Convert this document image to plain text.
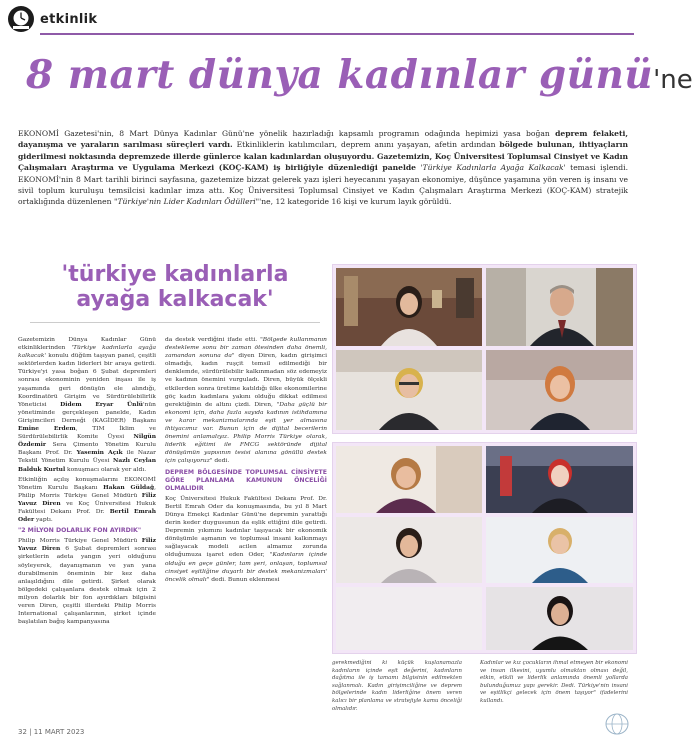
etkinlik
8 mart dünya kadınlar günü'ne
EKONOMİ Gazetesi'nin, 8 Mart Dünya Kadınlar Günü'ne yönelik hazırladığı kapsamlı programın odağında hepimizi yasa boğan deprem felaketi, dayanışma ve yaraların sarılması süreçleri vardı. Etkinliklerin katılımcıları, deprem anını yaşayan, afetin ardından bölgede bulunan, ihtiyaçların giderilmesi noktasında depremzede illerde günlerce kalan kadınlardan oluşuyordu. Gazetemizin, Koç Üniversitesi Toplumsal Cinsiyet ve Kadın Çalışmaları Araştırma ve Uygulama Merkezi (KOÇ-KAM) iş birliğiyle düzenlediği panelde 'Türkiye Kadınlarla Ayağa Kalkacak' temasi işlendi. EKONOMİ'nin 8 Mart tarihli birinci sayfasına, gazetemize bizzat gelerek yazı işleri heyecanını yaşayan ekonomiye, düşünce yaşamına yön veren iş insanı ve sivil toplum kuruluşu temsilcisi kadınlar imza attı. Koç Üniversitesi Toplumsal Cinsiyet ve Kadın Çalışmaları Araştırma Merkezi (KOÇ-KAM) stratejik ortaklığında düzenlenen "Türkiye'nin Lider Kadınları Ödülleri"'ne, 12 kategoride 16 kişi ve kurum layık görüldü.
'türkiye kadınlarla
ayağa kalkacak'

Gazetemizin Dünya Kadınlar Günü etkinliklerinden 'Türkiye kadınlarla ayağa kalkacak' konulu düğüm taşıyan panel, çeşitli sektörlerden kadın liderleri bir araya getirdi. Türkiye'yi yasa boğan 6 Şubat depremleri sonrası ekonominin yeniden inşası ile iş yaşamında geri dönüşün ele alındığı, Koordinatörü Girişim ve Sürdürülebilirlik Yöneticisi Didem Eryar Ünlü'nün yönetiminde gerçekleşen panelde, Kadın Girişimcileri Derneği (KAGİDER) Başkanı Emine Erdem, TIM İklim ve Sürdürülebilirlik Komite Üyesi Nilgün Özdemir Sera Çimento Yönetim Kurulu Başkanı Prof. Dr. Yasemin Açık ile Nazar Tekstil Yönetim Kurulu Üyesi Nazlı Ceylan Balduk Kurtul konuşmacı olarak yer aldı.

Etkinliğin açılış konuşmalarını EKONOMİ Yönetim Kurulu Başkanı Hakan Güldağ, Philip Morris Türkiye Genel Müdürü Filiz Yavuz Diren ve Koç Üniversitesi Hukuk Fakültesi Dekanı Prof. Dr. Bertil Emrah Oder yaptı.

"2 MİLYON DOLARLIK FON AYIRDIK"

Philip Morris Türkiye Genel Müdürü Filiz Yavuz Diren 6 Şubat depremleri sonrası şirketlerin adeta yangın yeri olduğunu söyleyerek, dayanışmanın ve yan yana durabilmenin öneminin bir kez daha anlaşıldığını dile getirdi. Şirket olarak bölgedeki çalışanlara destek olmak için 2 milyon dolarlık bir fon ayırdıkları bilgisini veren Diren, çeşitli illerdeki Philip Morris International çalışanlarının, şirket içinde başlatılan bağış kampanyasına

da destek verdiğini ifade etti. "Bölgede kullanmanın destekleme sonu bir zaman ötesinden daha önemli, zamandan sonuna da" diyen Diren, kadın girişimci olmadığı, kadın ruşçit temsil edilmediği bir denklemde, sürdürülebilir kalkınmadan söz edemeyiz ve kadının önemini vurguladı. Diren, büyük ölçekli etkilerden sonra üretime katıldığı ülke ekonomilerine göç kadın kadınlara yakını olduğu dikkat edilmesi gerektiğinin de altını çizdi. Diren, "Daha güçlü bir ekonomi için, daha fazla sayıda kadının istihdamına ve karar mekanizmalarında eşit yer almasına ihtiyacımız var. Bunun için de dijital becerilerin önemini anlamalıyız. Philip Morris Türkiye olarak, liderlik eğitimi ile FMCG sektöründe dijital dönüşümün yapısının tesisi alanına gönüllü destek için çalışıyoruz" dedi.

DEPREM BÖLGESİNDE TOPLUMSAL CİNSİYETE GÖRE PLANLAMA KAMUNUN ÖNCELİĞİ OLMALIDIR

Koç Üniversitesi Hukuk Fakültesi Dekanı Prof. Dr. Bertil Emrah Oder da konuşmasında, bu yıl 8 Mart Dünya Emekçi Kadınlar Günü'ne depremin yarattığı derin keder duygusunun da eşlik ettiğini dile getirdi. Depremin yıkımını kadınlar taşıyacak bir ekonomik dönüşümle aşmanın ve toplumsal insani kalkınmayı sağlayacak modeli acilen almamız zorunda olduğumuza işaret eden Oder, "Kadınların içinde olduğu en geçe günler, tam şeri, onlaşan, toplumsal cinsiyet eşitliğine duyarlı bir destek mekanizmaları' öncelik olmalı" dedi. Bunun eklenmesi

gerekmediğini ki küçük kuşlanamazla kadınların içinde eşit değerini, kadınların dağıtma ile iş tamamı bilgisinin edilmekten sağlanmalı. Kadın girişimciliğine ve deprem bölgelerinde kadın liderliğine önem veren kalıcı bir planlama ve stratejiyle kamu önceliği olmalıdır.
Kadınlar ve kız çocukların ihmal etmeyen bir ekonomi ve insan ilkesini, uyumlu olmaktan olması değil, etkin, etkili ve liderlik anlamında önemli yollarda bulunduğumuz yapı gerekir. Dedi. Türkiye'nin insani ve eşitlikçi gelecek için önem taşıyor" ifadelerini kullandı.
32 | 11 MART 2023
